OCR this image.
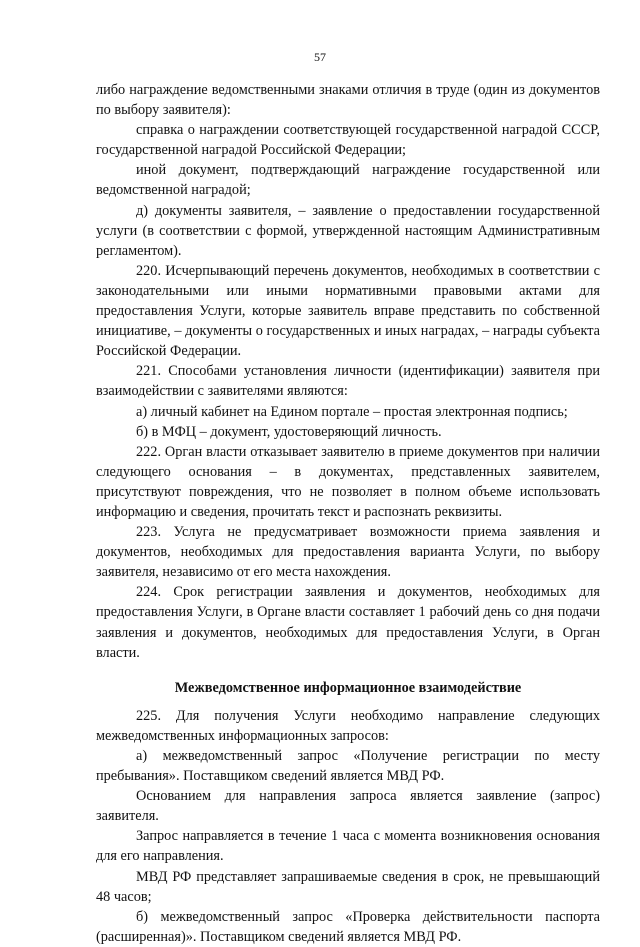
57

либо награждение ведомственными знаками отличия в труде (один из документов по выбору заявителя):

справка о награждении соответствующей государственной наградой СССР, государственной наградой Российской Федерации;

иной документ, подтверждающий награждение государственной или ведомственной наградой;

д) документы заявителя, – заявление о предоставлении государственной услуги (в соответствии с формой, утвержденной настоящим Административным регламентом).

220. Исчерпывающий перечень документов, необходимых в соответствии с законодательными или иными нормативными правовыми актами для предоставления Услуги, которые заявитель вправе представить по собственной инициативе, – документы о государственных и иных наградах, – награды субъекта Российской Федерации.

221. Способами установления личности (идентификации) заявителя при взаимодействии с заявителями являются:

а) личный кабинет на Едином портале – простая электронная подпись;

б) в МФЦ – документ, удостоверяющий личность.

222. Орган власти отказывает заявителю в приеме документов при наличии следующего основания – в документах, представленных заявителем, присутствуют повреждения, что не позволяет в полном объеме использовать информацию и сведения, прочитать текст и распознать реквизиты.

223. Услуга не предусматривает возможности приема заявления и документов, необходимых для предоставления варианта Услуги, по выбору заявителя, независимо от его места нахождения.

224. Срок регистрации заявления и документов, необходимых для предоставления Услуги, в Органе власти составляет 1 рабочий день со дня подачи заявления и документов, необходимых для предоставления Услуги, в Орган власти.

Межведомственное информационное взаимодействие

225. Для получения Услуги необходимо направление следующих межведомственных информационных запросов:

а) межведомственный запрос «Получение регистрации по месту пребывания». Поставщиком сведений является МВД РФ.

Основанием для направления запроса является заявление (запрос) заявителя.

Запрос направляется в течение 1 часа с момента возникновения основания для его направления.

МВД РФ представляет запрашиваемые сведения в срок, не превышающий 48 часов;

б) межведомственный запрос «Проверка действительности паспорта (расширенная)». Поставщиком сведений является МВД РФ.
